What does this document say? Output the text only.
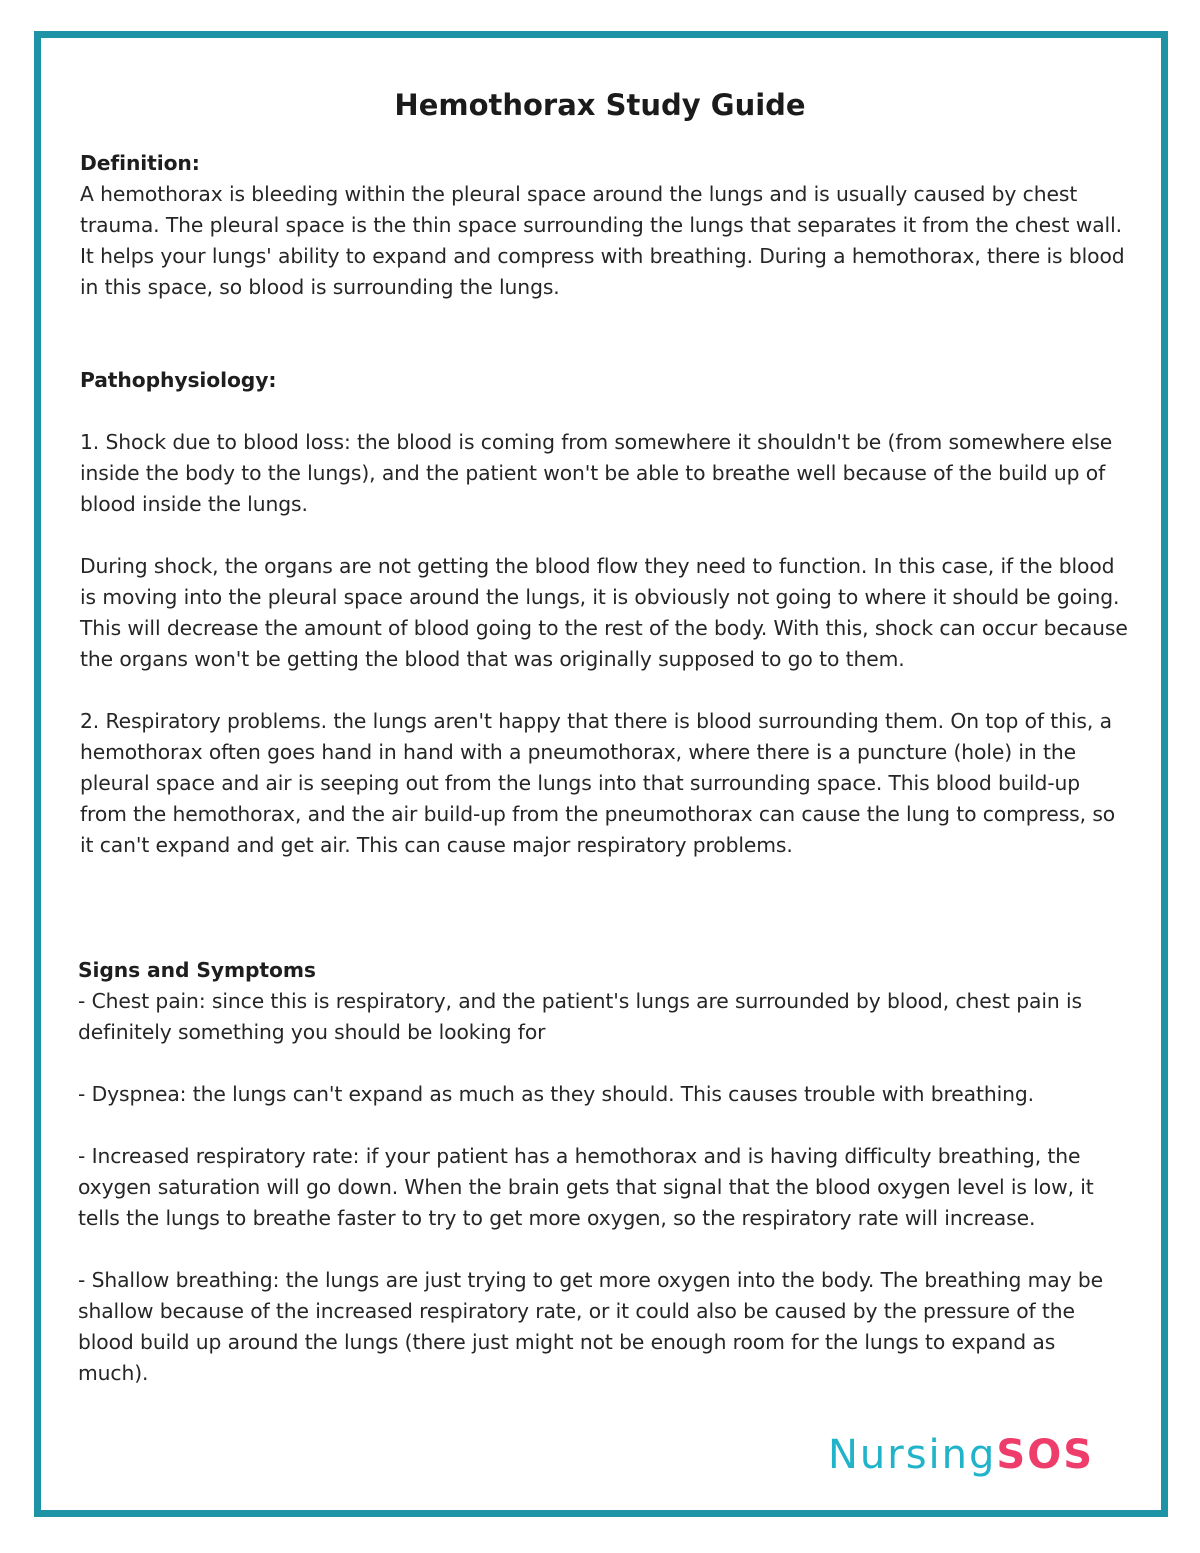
Hemothorax Study Guide
Definition:

A hemothorax is bleeding within the pleural space around the lungs and is usually caused by chest trauma. The pleural space is the thin space surrounding the lungs that separates it from the chest wall. It helps your lungs' ability to expand and compress with breathing. During a hemothorax, there is blood in this space, so blood is surrounding the lungs.

Pathophysiology:

1. Shock due to blood loss: the blood is coming from somewhere it shouldn't be (from somewhere else inside the body to the lungs), and the patient won't be able to breathe well because of the build up of blood inside the lungs.

During shock, the organs are not getting the blood flow they need to function. In this case, if the blood is moving into the pleural space around the lungs, it is obviously not going to where it should be going. This will decrease the amount of blood going to the rest of the body. With this, shock can occur because the organs won't be getting the blood that was originally supposed to go to them.

2. Respiratory problems. the lungs aren't happy that there is blood surrounding them. On top of this, a hemothorax often goes hand in hand with a pneumothorax, where there is a puncture (hole) in the pleural space and air is seeping out from the lungs into that surrounding space. This blood build-up from the hemothorax, and the air build-up from the pneumothorax can cause the lung to compress, so it can't expand and get air. This can cause major respiratory problems.

Signs and Symptoms

- Chest pain: since this is respiratory, and the patient's lungs are surrounded by blood, chest pain is definitely something you should be looking for

- Dyspnea: the lungs can't expand as much as they should. This causes trouble with breathing.

- Increased respiratory rate: if your patient has a hemothorax and is having difficulty breathing, the oxygen saturation will go down. When the brain gets that signal that the blood oxygen level is low, it tells the lungs to breathe faster to try to get more oxygen, so the respiratory rate will increase.

- Shallow breathing: the lungs are just trying to get more oxygen into the body. The breathing may be shallow because of the increased respiratory rate, or it could also be caused by the pressure of the blood build up around the lungs (there just might not be enough room for the lungs to expand as much).

NursingSOS
